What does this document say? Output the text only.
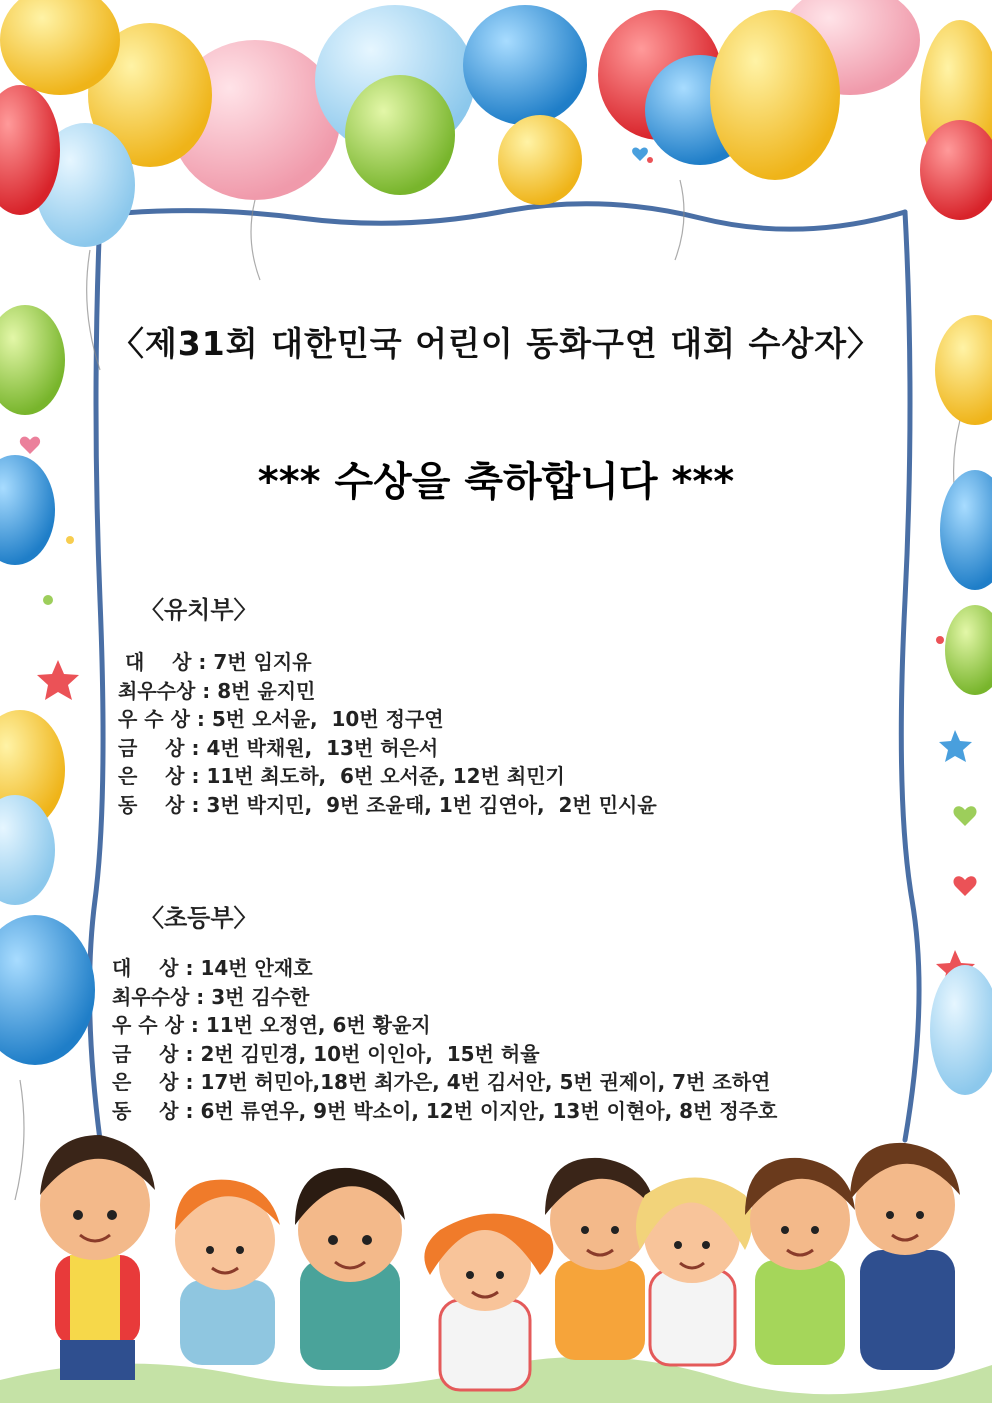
〈제31회 대한민국 어린이 동화구연 대회 수상자〉
*** 수상을 축하합니다 ***
〈유치부〉
대    상 : 7번 임지유
최우수상 : 8번 윤지민
우 수 상 : 5번 오서윤,  10번 정구연
금    상 : 4번 박채원,  13번 허은서
은    상 : 11번 최도하,  6번 오서준, 12번 최민기
동    상 : 3번 박지민,  9번 조윤태, 1번 김연아,  2번 민시윤
〈초등부〉
대    상 : 14번 안재호
최우수상 : 3번 김수한
우 수 상 : 11번 오정연, 6번 황윤지
금    상 : 2번 김민경, 10번 이인아,  15번 허율
은    상 : 17번 허민아,18번 최가은, 4번 김서안, 5번 권제이, 7번 조하연
동    상 : 6번 류연우, 9번 박소이, 12번 이지안, 13번 이현아, 8번 정주호
